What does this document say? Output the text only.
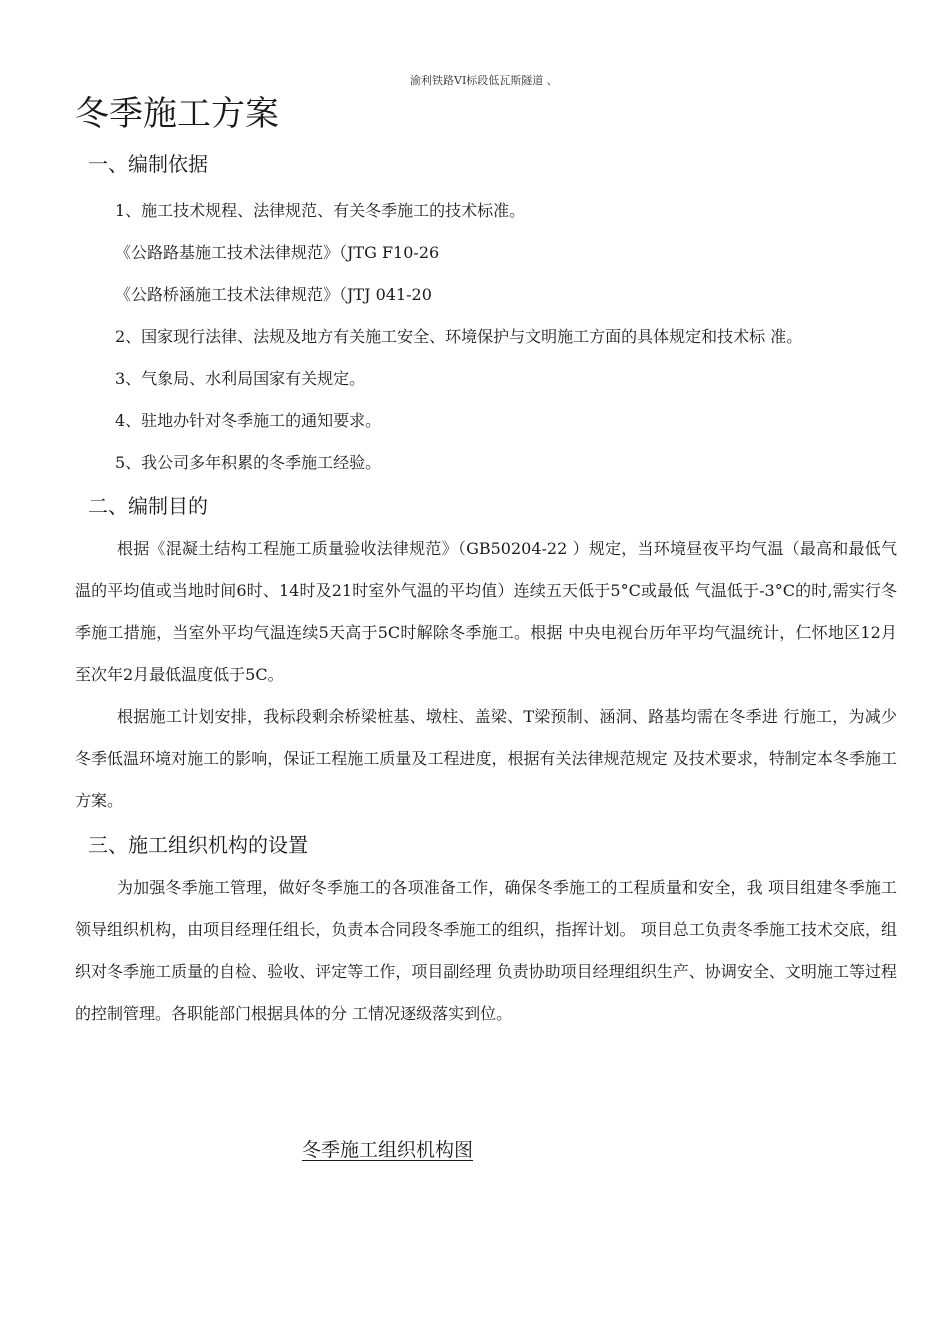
渝利铁路VI标段低瓦斯隧道 、
冬季施工方案
一、编制依据
1、施工技术规程、法律规范、有关冬季施工的技术标准。
《公路路基施工技术法律规范》（JTG F10-26
《公路桥涵施工技术法律规范》（JTJ 041-20
2、国家现行法律、法规及地方有关施工安全、环境保护与文明施工方面的具体规定和技术标 准。
3、气象局、水利局国家有关规定。
4、驻地办针对冬季施工的通知要求。
5、我公司多年积累的冬季施工经验。
二、编制目的

根据《混凝土结构工程施工质量验收法律规范》（GB50204-22 ）规定，当环境昼夜平均气温（最高和最低气温的平均值或当地时间6时、14时及21时室外气温的平均值）连续五天低于5°C或最低 气温低于-3°C的时,需实行冬季施工措施，当室外平均气温连续5天高于5C时解除冬季施工。根据 中央电视台历年平均气温统计，仁怀地区12月至次年2月最低温度低于5C。

根据施工计划安排，我标段剩余桥梁桩基、墩柱、盖梁、T梁预制、涵洞、路基均需在冬季进 行施工，为减少冬季低温环境对施工的影响，保证工程施工质量及工程进度，根据有关法律规范规定 及技术要求，特制定本冬季施工方案。

三、施工组织机构的设置

为加强冬季施工管理，做好冬季施工的各项准备工作，确保冬季施工的工程质量和安全，我 项目组建冬季施工领导组织机构，由项目经理任组长，负责本合同段冬季施工的组织，指挥计划。 项目总工负责冬季施工技术交底，组织对冬季施工质量的自检、验收、评定等工作，项目副经理 负责协助项目经理组织生产、协调安全、文明施工等过程的控制管理。各职能部门根据具体的分 工情况逐级落实到位。

冬季施工组织机构图
